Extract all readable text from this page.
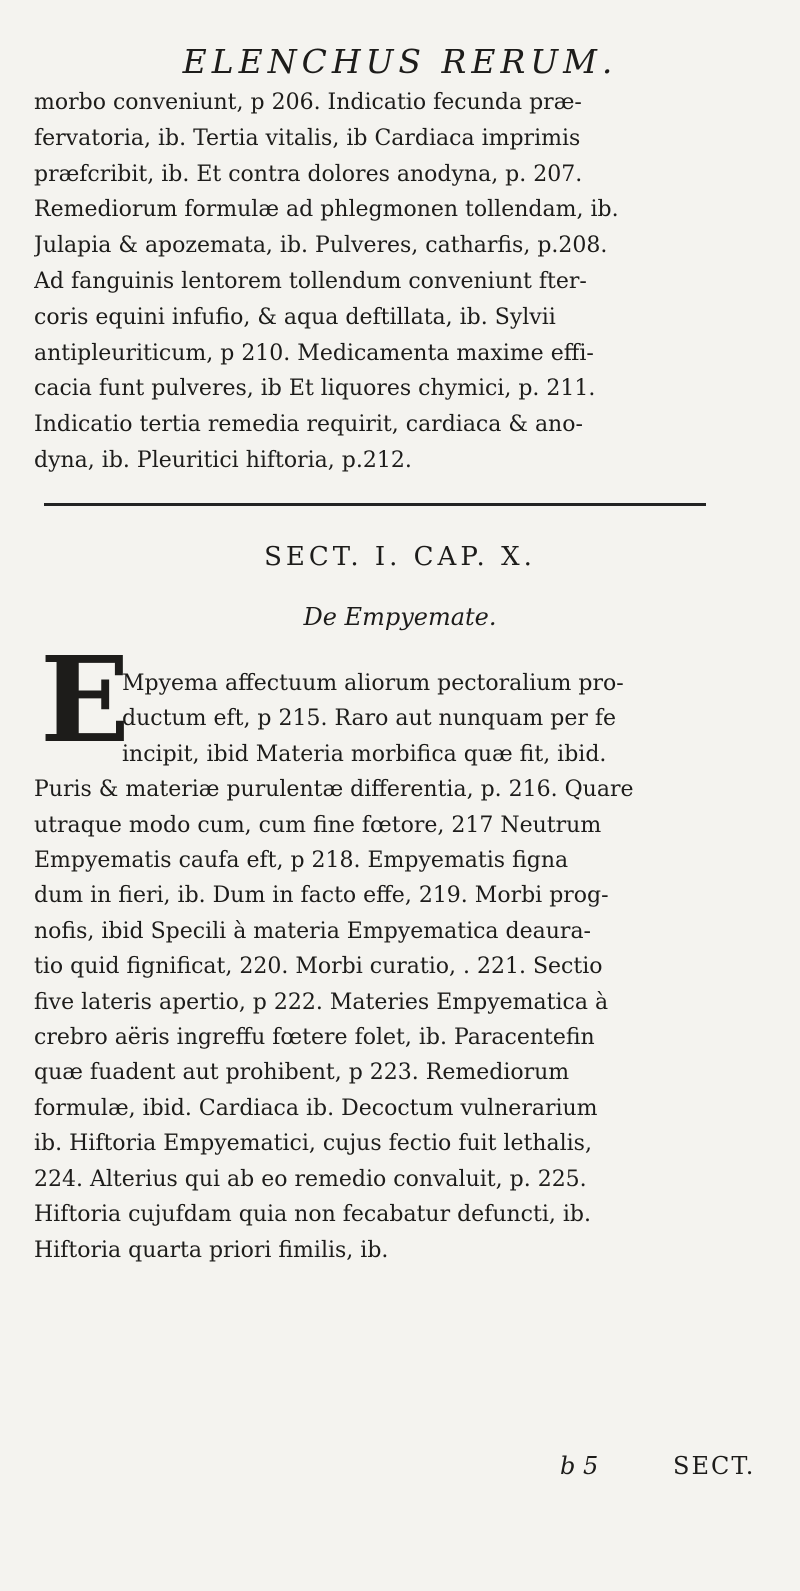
ELENCHUS RERUM.
morbo conveniunt, p 206. Indicatio fecunda præ-
fervatoria, ib. Tertia vitalis, ib Cardiaca imprimis
præfcribit, ib. Et contra dolores anodyna, p. 207.
Remediorum formulæ ad phlegmonen tollendam, ib.
Julapia & apozemata, ib. Pulveres, catharfis, p.208.
Ad fanguinis lentorem tollendum conveniunt fter-
coris equini infufio, & aqua deftillata, ib. Sylvii
antipleuriticum, p 210. Medicamenta maxime effi-
cacia funt pulveres, ib Et liquores chymici, p. 211.
Indicatio tertia remedia requirit, cardiaca & ano-
dyna, ib. Pleuritici hiftoria, p.212.
SECT. I. CAP. X.
De Empyemate.
E
Mpyema affectuum aliorum pectoralium pro-
ductum eft, p 215. Raro aut nunquam per fe
incipit, ibid Materia morbifica quæ fit, ibid.
Puris & materiæ purulentæ differentia, p. 216. Quare
utraque modo cum, cum fine fœtore, 217 Neutrum
Empyematis caufa eft, p 218. Empyematis figna
dum in fieri, ib. Dum in facto effe, 219. Morbi prog-
nofis, ibid Specili à materia Empyematica deaura-
tio quid fignificat, 220. Morbi curatio, . 221. Sectio
five lateris apertio, p 222. Materies Empyematica à
crebro aëris ingreffu fœtere folet, ib. Paracentefin
quæ fuadent aut prohibent, p 223. Remediorum
formulæ, ibid. Cardiaca ib. Decoctum vulnerarium
ib. Hiftoria Empyematici, cujus fectio fuit lethalis,
224. Alterius qui ab eo remedio convaluit, p. 225.
Hiftoria cujufdam quia non fecabatur defuncti, ib.
Hiftoria quarta priori fimilis, ib.
b 5	SECT.
